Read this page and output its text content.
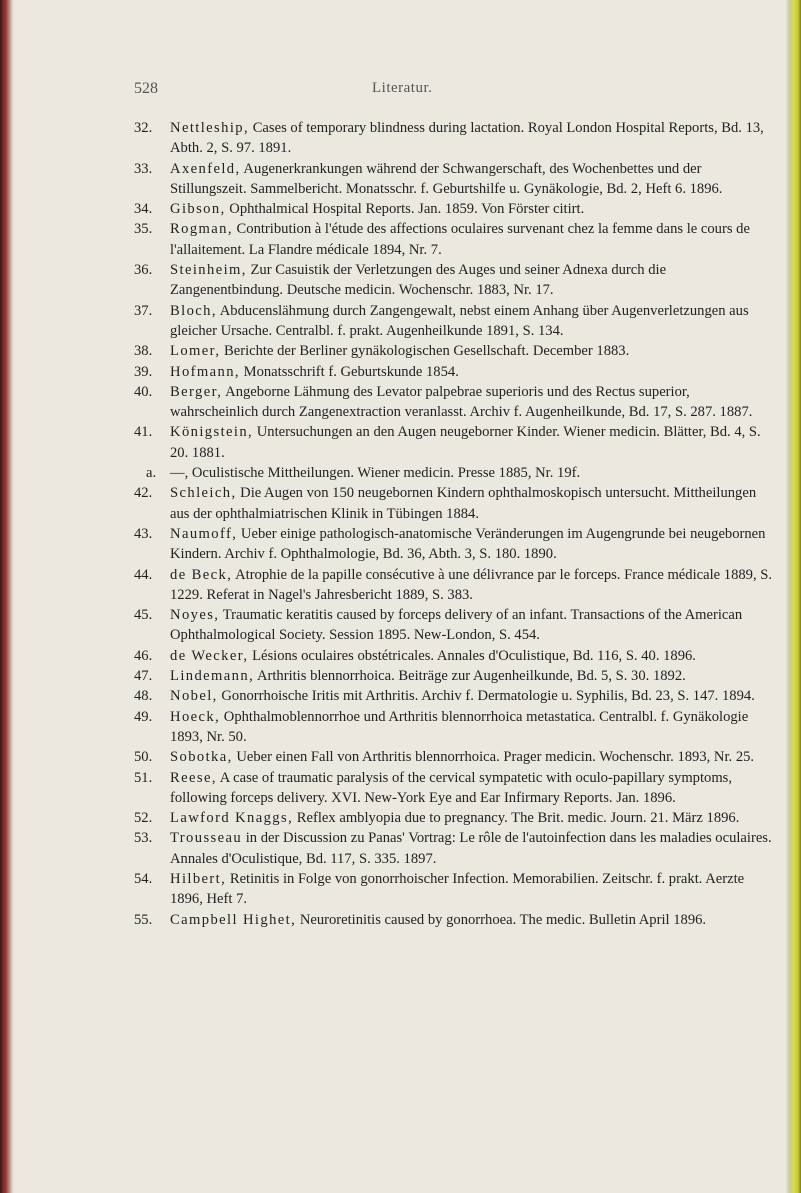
528	Literatur.
32. Nettleship, Cases of temporary blindness during lactation. Royal London Hospital Reports, Bd. 13, Abth. 2, S. 97. 1891.
33. Axenfeld, Augenerkrankungen während der Schwangerschaft, des Wochenbettes und der Stillungszeit. Sammelbericht. Monatsschr. f. Geburtshilfe u. Gynäkologie, Bd. 2, Heft 6. 1896.
34. Gibson, Ophthalmical Hospital Reports. Jan. 1859. Von Förster citirt.
35. Rogman, Contribution à l'étude des affections oculaires survenant chez la femme dans le cours de l'allaitement. La Flandre médicale 1894, Nr. 7.
36. Steinheim, Zur Casuistik der Verletzungen des Auges und seiner Adnexa durch die Zangenentbindung. Deutsche medicin. Wochenschr. 1883, Nr. 17.
37. Bloch, Abducenslähmung durch Zangengewalt, nebst einem Anhang über Augenverletzungen aus gleicher Ursache. Centralbl. f. prakt. Augenheilkunde 1891, S. 134.
38. Lomer, Berichte der Berliner gynäkologischen Gesellschaft. December 1883.
39. Hofmann, Monatsschrift f. Geburtskunde 1854.
40. Berger, Angeborne Lähmung des Levator palpebrae superioris und des Rectus superior, wahrscheinlich durch Zangenextraction veranlasst. Archiv f. Augenheilkunde, Bd. 17, S. 287. 1887.
41. Königstein, Untersuchungen an den Augen neugeborner Kinder. Wiener medicin. Blätter, Bd. 4, S. 20. 1881.
a. —, Oculistische Mittheilungen. Wiener medicin. Presse 1885, Nr. 19f.
42. Schleich, Die Augen von 150 neugebornen Kindern ophthalmoskopisch untersucht. Mittheilungen aus der ophthalmiatrischen Klinik in Tübingen 1884.
43. Naumoff, Ueber einige pathologisch-anatomische Veränderungen im Augengrunde bei neugebornen Kindern. Archiv f. Ophthalmologie, Bd. 36, Abth. 3, S. 180. 1890.
44. de Beck, Atrophie de la papille consécutive à une délivrance par le forceps. France médicale 1889, S. 1229. Referat in Nagel's Jahresbericht 1889, S. 383.
45. Noyes, Traumatic keratitis caused by forceps delivery of an infant. Transactions of the American Ophthalmological Society. Session 1895. New-London, S. 454.
46. de Wecker, Lésions oculaires obstétricales. Annales d'Oculistique, Bd. 116, S. 40. 1896.
47. Lindemann, Arthritis blennorrhoica. Beiträge zur Augenheilkunde, Bd. 5, S. 30. 1892.
48. Nobel, Gonorrhoische Iritis mit Arthritis. Archiv f. Dermatologie u. Syphilis, Bd. 23, S. 147. 1894.
49. Hoeck, Ophthalmoblennorrhoe und Arthritis blennorrhoica metastatica. Centralbl. f. Gynäkologie 1893, Nr. 50.
50. Sobotka, Ueber einen Fall von Arthritis blennorrhoica. Prager medicin. Wochenschr. 1893, Nr. 25.
51. Reese, A case of traumatic paralysis of the cervical sympatetic with oculo-papillary symptoms, following forceps delivery. XVI. New-York Eye and Ear Infirmary Reports. Jan. 1896.
52. Lawford Knaggs, Reflex amblyopia due to pregnancy. The Brit. medic. Journ. 21. März 1896.
53. Trousseau in der Discussion zu Panas' Vortrag: Le rôle de l'autoinfection dans les maladies oculaires. Annales d'Oculistique, Bd. 117, S. 335. 1897.
54. Hilbert, Retinitis in Folge von gonorrhoischer Infection. Memorabilien. Zeitschr. f. prakt. Aerzte 1896, Heft 7.
55. Campbell Highet, Neuroretinitis caused by gonorrhoea. The medic. Bulletin April 1896.
